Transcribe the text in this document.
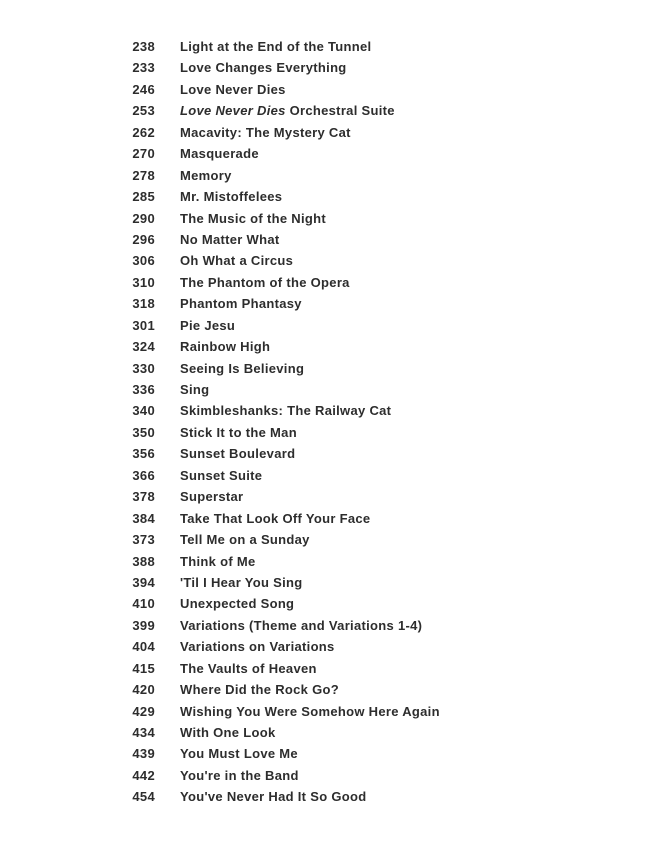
238 Light at the End of the Tunnel
233 Love Changes Everything
246 Love Never Dies
253 Love Never Dies Orchestral Suite
262 Macavity: The Mystery Cat
270 Masquerade
278 Memory
285 Mr. Mistoffelees
290 The Music of the Night
296 No Matter What
306 Oh What a Circus
310 The Phantom of the Opera
318 Phantom Phantasy
301 Pie Jesu
324 Rainbow High
330 Seeing Is Believing
336 Sing
340 Skimbleshanks: The Railway Cat
350 Stick It to the Man
356 Sunset Boulevard
366 Sunset Suite
378 Superstar
384 Take That Look Off Your Face
373 Tell Me on a Sunday
388 Think of Me
394 'Til I Hear You Sing
410 Unexpected Song
399 Variations (Theme and Variations 1-4)
404 Variations on Variations
415 The Vaults of Heaven
420 Where Did the Rock Go?
429 Wishing You Were Somehow Here Again
434 With One Look
439 You Must Love Me
442 You're in the Band
454 You've Never Had It So Good
